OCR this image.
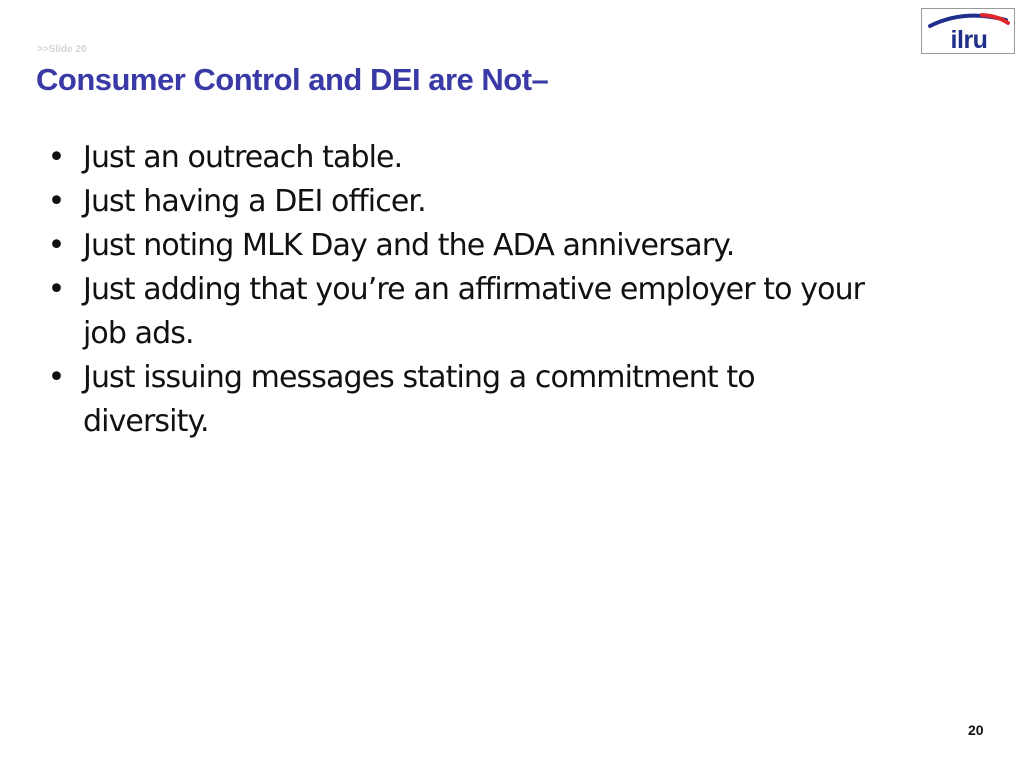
>>Slide 20
Consumer Control and DEI are Not–
ilru
• Just an outreach table.
• Just having a DEI officer.
• Just noting MLK Day and the ADA anniversary.
• Just adding that you’re an affirmative employer to your job ads.
• Just issuing messages stating a commitment to diversity.
20
